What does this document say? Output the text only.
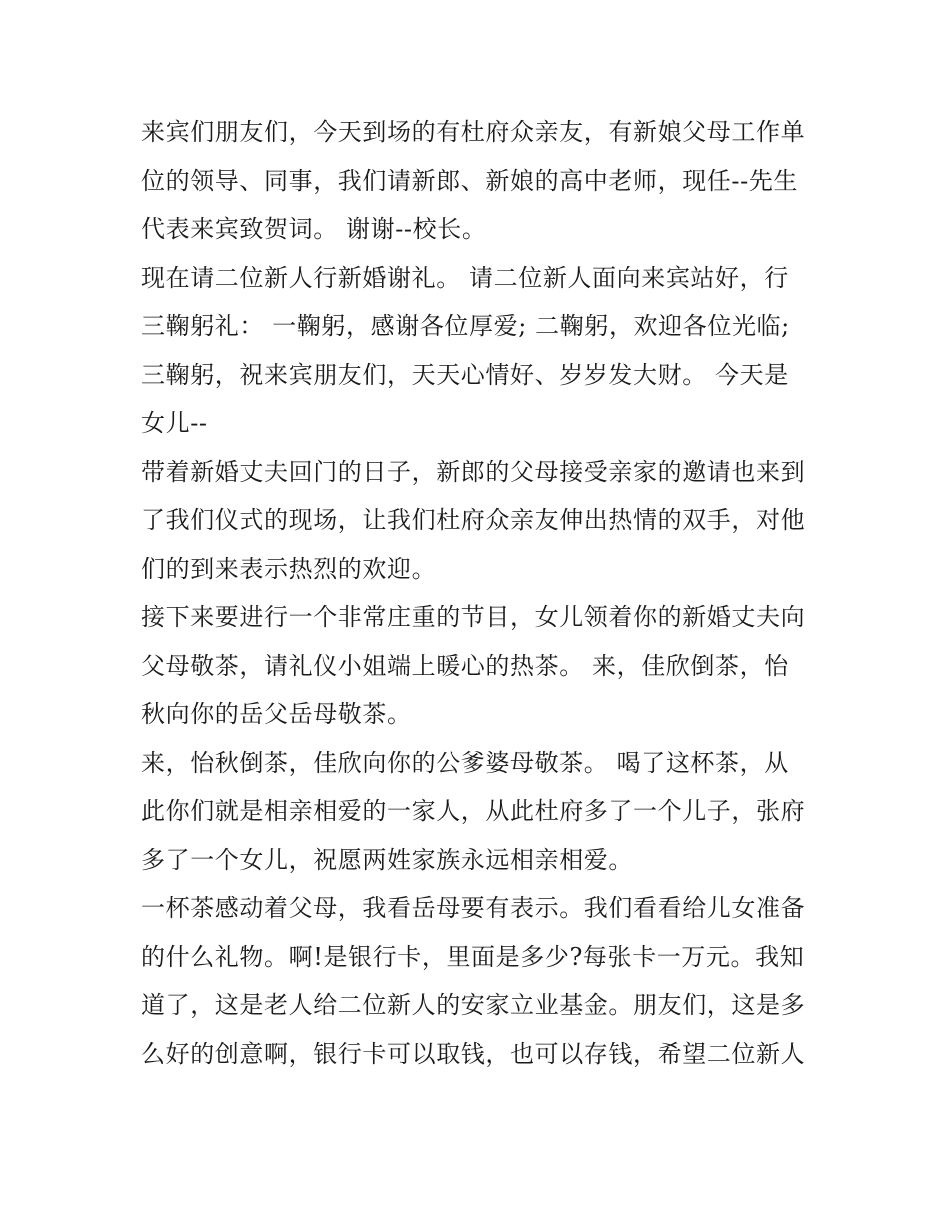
来宾们朋友们，今天到场的有杜府众亲友，有新娘父母工作单
位的领导、同事，我们请新郎、新娘的高中老师，现任--先生
代表来宾致贺词。 谢谢--校长。
现在请二位新人行新婚谢礼。 请二位新人面向来宾站好，行
三鞠躬礼： 一鞠躬，感谢各位厚爱; 二鞠躬，欢迎各位光临;
三鞠躬，祝来宾朋友们，天天心情好、岁岁发大财。 今天是
女儿--
带着新婚丈夫回门的日子，新郎的父母接受亲家的邀请也来到
了我们仪式的现场，让我们杜府众亲友伸出热情的双手，对他
们的到来表示热烈的欢迎。
接下来要进行一个非常庄重的节目，女儿领着你的新婚丈夫向
父母敬茶，请礼仪小姐端上暖心的热茶。 来，佳欣倒茶，怡
秋向你的岳父岳母敬茶。
来，怡秋倒茶，佳欣向你的公爹婆母敬茶。 喝了这杯茶，从
此你们就是相亲相爱的一家人，从此杜府多了一个儿子，张府
多了一个女儿，祝愿两姓家族永远相亲相爱。
一杯茶感动着父母，我看岳母要有表示。我们看看给儿女准备
的什么礼物。啊!是银行卡，里面是多少?每张卡一万元。我知
道了，这是老人给二位新人的安家立业基金。朋友们，这是多
么好的创意啊，银行卡可以取钱，也可以存钱，希望二位新人
